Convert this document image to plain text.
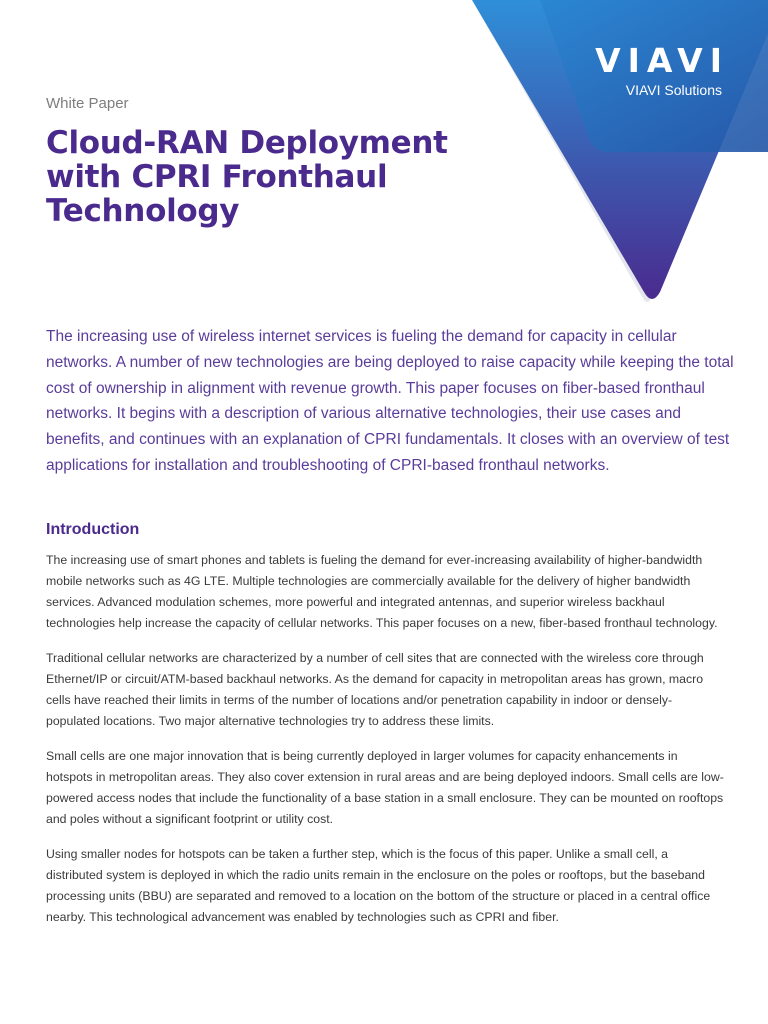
VIAVI
VIAVI Solutions
White Paper
Cloud-RAN Deployment with CPRI Fronthaul Technology

The increasing use of wireless internet services is fueling the demand for capacity in cellular networks. A number of new technologies are being deployed to raise capacity while keeping the total cost of ownership in alignment with revenue growth. This paper focuses on fiber-based fronthaul networks. It begins with a description of various alternative technologies, their use cases and benefits, and continues with an explanation of CPRI fundamentals. It closes with an overview of test applications for installation and troubleshooting of CPRI-based fronthaul networks.

Introduction

The increasing use of smart phones and tablets is fueling the demand for ever-increasing availability of higher-bandwidth mobile networks such as 4G LTE. Multiple technologies are commercially available for the delivery of higher bandwidth services. Advanced modulation schemes, more powerful and integrated antennas, and superior wireless backhaul technologies help increase the capacity of cellular networks. This paper focuses on a new, fiber-based fronthaul technology.

Traditional cellular networks are characterized by a number of cell sites that are connected with the wireless core through Ethernet/IP or circuit/ATM-based backhaul networks. As the demand for capacity in metropolitan areas has grown, macro cells have reached their limits in terms of the number of locations and/or penetration capability in indoor or densely-populated locations. Two major alternative technologies try to address these limits.

Small cells are one major innovation that is being currently deployed in larger volumes for capacity enhancements in hotspots in metropolitan areas. They also cover extension in rural areas and are being deployed indoors. Small cells are low-powered access nodes that include the functionality of a base station in a small enclosure. They can be mounted on rooftops and poles without a significant footprint or utility cost.

Using smaller nodes for hotspots can be taken a further step, which is the focus of this paper. Unlike a small cell, a distributed system is deployed in which the radio units remain in the enclosure on the poles or rooftops, but the baseband processing units (BBU) are separated and removed to a location on the bottom of the structure or placed in a central office nearby. This technological advancement was enabled by technologies such as CPRI and fiber.
